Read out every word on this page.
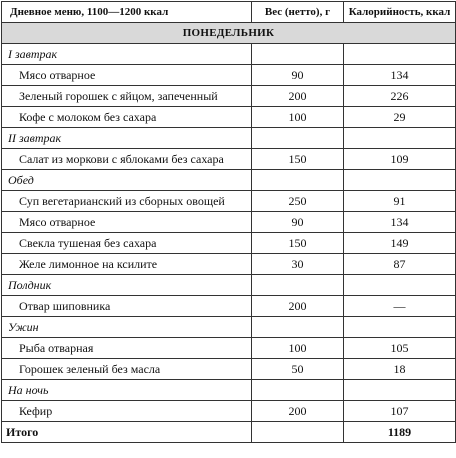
Дневное меню, 1100—1200 ккал	Вес (нетто), г	Калорийность, ккал
ПОНЕДЕЛЬНИК		
I завтрак		
Мясо отварное	90	134
Зеленый горошек с яйцом, запеченный	200	226
Кофе с молоком без сахара	100	29
II завтрак		
Салат из моркови с яблоками без сахара	150	109
Обед		
Суп вегетарианский из сборных овощей	250	91
Мясо отварное	90	134
Свекла тушеная без сахара	150	149
Желе лимонное на ксилите	30	87
Полдник		
Отвар шиповника	200	—
Ужин		
Рыба отварная	100	105
Горошек зеленый без масла	50	18
На ночь		
Кефир	200	107
Итого		1189
